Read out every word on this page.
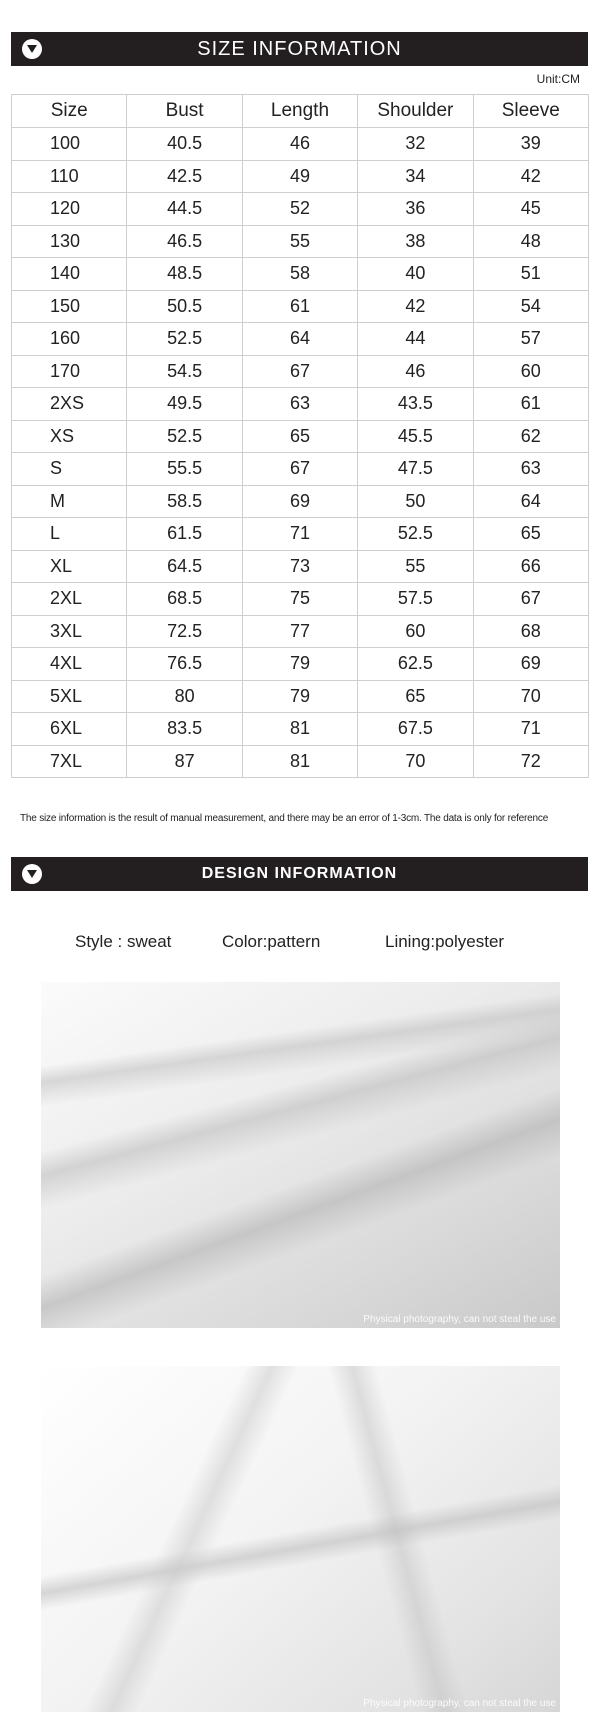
SIZE INFORMATION
Unit:CM
Size	Bust	Length	Shoulder	Sleeve
100	40.5	46	32	39
110	42.5	49	34	42
120	44.5	52	36	45
130	46.5	55	38	48
140	48.5	58	40	51
150	50.5	61	42	54
160	52.5	64	44	57
170	54.5	67	46	60
2XS	49.5	63	43.5	61
XS	52.5	65	45.5	62
S	55.5	67	47.5	63
M	58.5	69	50	64
L	61.5	71	52.5	65
XL	64.5	73	55	66
2XL	68.5	75	57.5	67
3XL	72.5	77	60	68
4XL	76.5	79	62.5	69
5XL	80	79	65	70
6XL	83.5	81	67.5	71
7XL	87	81	70	72
The size information is the result of manual measurement, and there may be an error of 1-3cm. The data is only for reference
DESIGN INFORMATION
Style : sweat	Color:pattern	Lining:polyester
Physical photography, can not steal the use
Physical photography, can not steal the use
